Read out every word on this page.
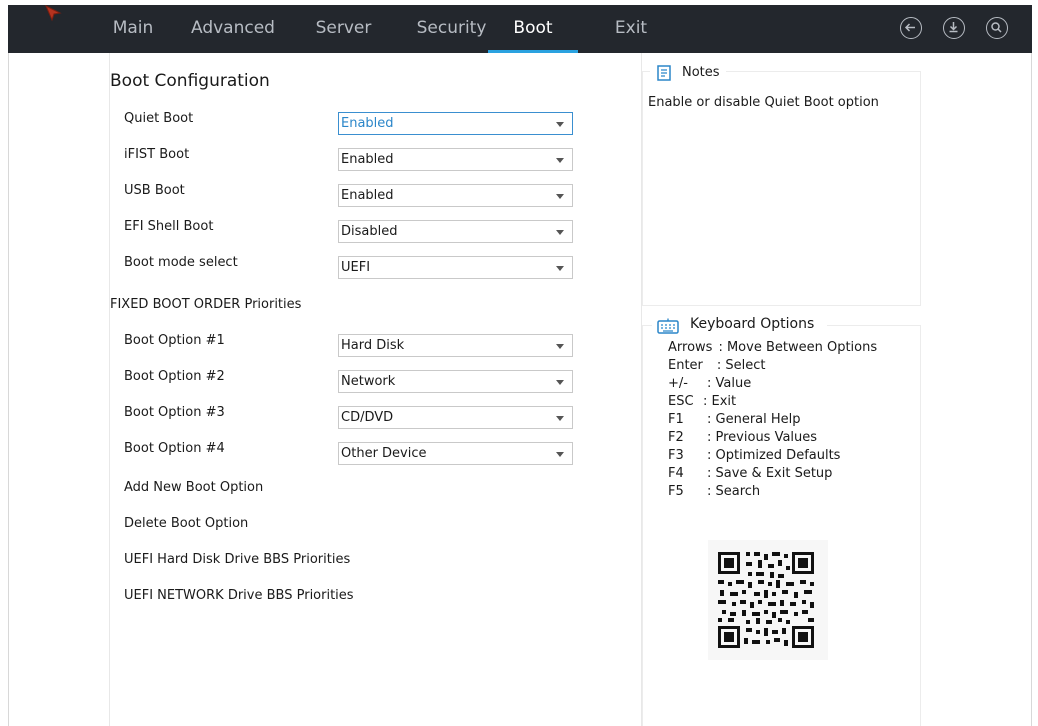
Main	Advanced	Server	Security	Boot	Exit

Boot Configuration
Quiet Boot	Enabled
iFIST Boot	Enabled
USB Boot	Enabled
EFI Shell Boot	Disabled
Boot mode select	UEFI
FIXED BOOT ORDER Priorities
Boot Option #1	Hard Disk
Boot Option #2	Network
Boot Option #3	CD/DVD
Boot Option #4	Other Device
Add New Boot Option
Delete Boot Option
UEFI Hard Disk Drive BBS Priorities
UEFI NETWORK Drive BBS Priorities
Notes
Enable or disable Quiet Boot option
Keyboard Options
Arrows : Move Between Options
Enter : Select
+/- : Value
ESC : Exit
F1 : General Help
F2 : Previous Values
F3 : Optimized Defaults
F4 : Save & Exit Setup
F5 : Search
